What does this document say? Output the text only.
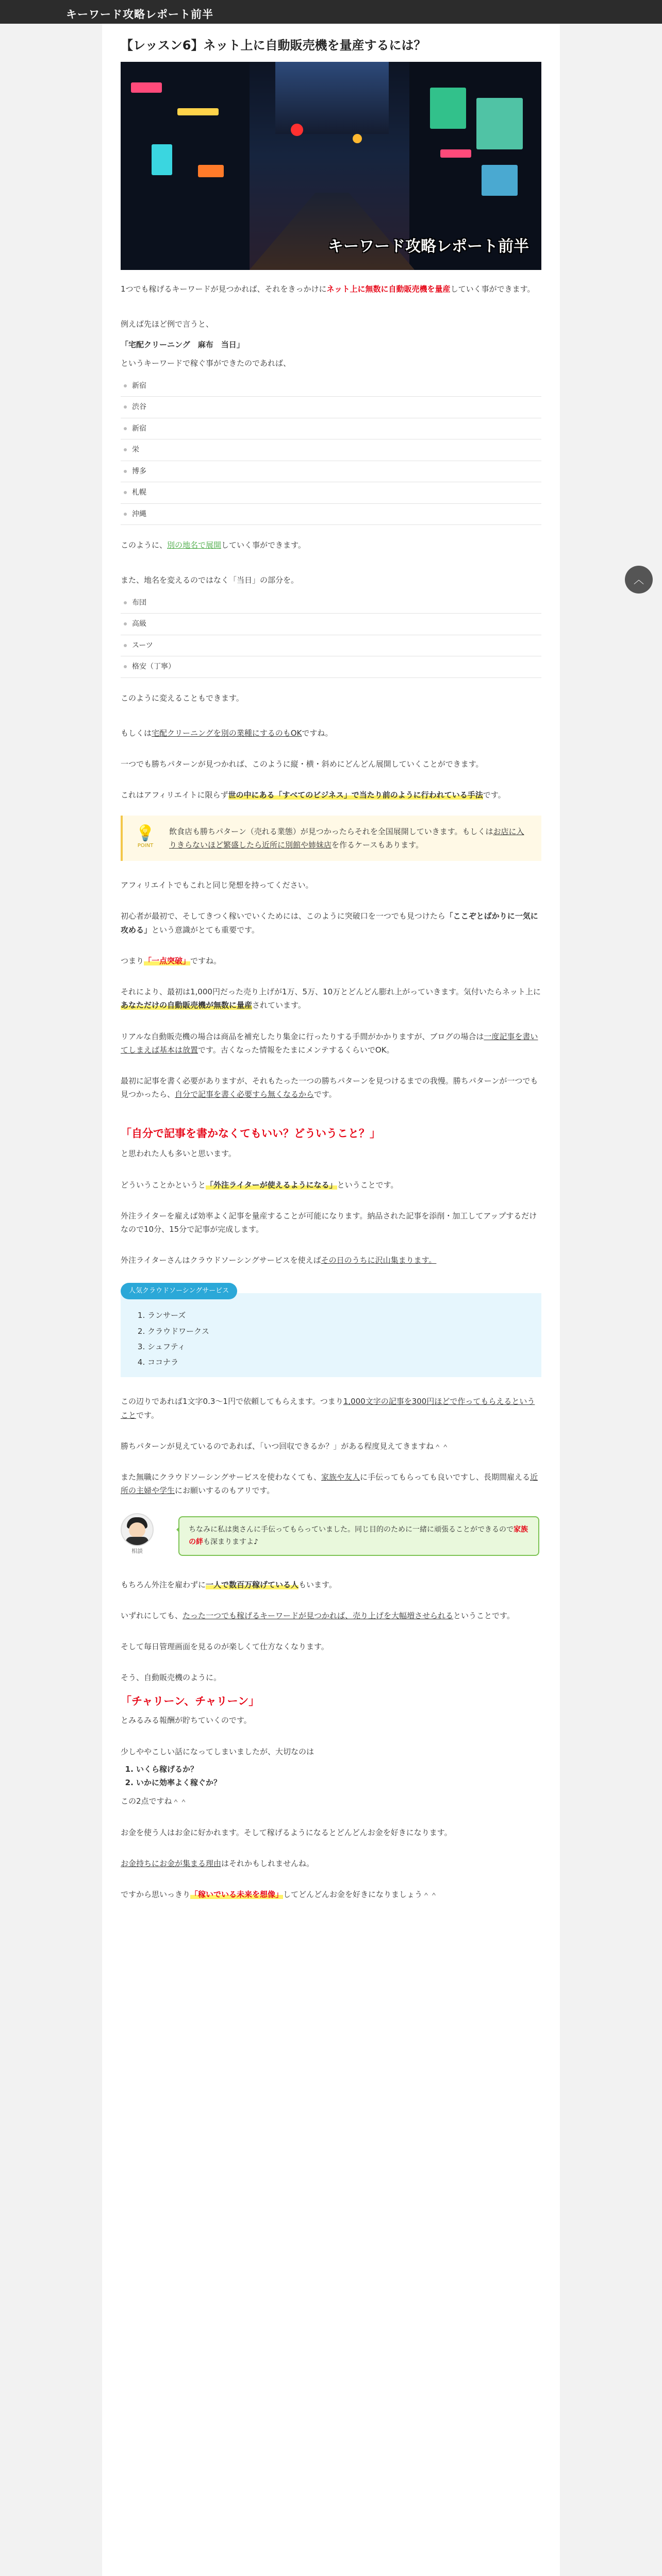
キーワード攻略レポート前半
【レッスン6】ネット上に自動販売機を量産するには？
キーワード攻略レポート前半

1つでも稼げるキーワードが見つかれば、それをきっかけにネット上に無数に自動販売機を量産していく事ができます。

例えば先ほど例で言うと、

「宅配クリーニング　麻布　当日」

というキーワードで稼ぐ事ができたのであれば、

新宿
渋谷
新宿
栄
博多
札幌
沖縄

このように、別の地名で展開していく事ができます。

また、地名を変えるのではなく「当日」の部分を。

布団
高級
スーツ
格安（丁寧）

このように変えることもできます。

もしくは宅配クリーニングを別の業種にするのもOKですね。

一つでも勝ちパターンが見つかれば、このように縦・横・斜めにどんどん展開していくことができます。

これはアフィリエイトに限らず世の中にある「すべてのビジネス」で当たり前のように行われている手法です。

💡
POINT
飲食店も勝ちパターン（売れる業態）が見つかったらそれを全国展開していきます。もしくはお店に入りきらないほど繁盛したら近所に別館や姉妹店を作るケースもあります。

アフィリエイトでもこれと同じ発想を持ってください。

初心者が最初で、そしてきつく稼いでいくためには、このように突破口を一つでも見つけたら「ここぞとばかりに一気に攻める」という意識がとても重要です。

つまり「一点突破」ですね。

それにより、最初は1,000円だった売り上げが1万、5万、10万とどんどん膨れ上がっていきます。気付いたらネット上にあなただけの自動販売機が無数に量産されています。

リアルな自動販売機の場合は商品を補充したり集金に行ったりする手間がかかりますが、ブログの場合は一度記事を書いてしまえば基本は放置です。古くなった情報をたまにメンテするくらいでOK。

最初に記事を書く必要がありますが、それもたった一つの勝ちパターンを見つけるまでの我慢。勝ちパターンが一つでも見つかったら、自分で記事を書く必要すら無くなるからです。

「自分で記事を書かなくてもいい？どういうこと？」

と思われた人も多いと思います。

どういうことかというと「外注ライターが使えるようになる」ということです。

外注ライターを雇えば効率よく記事を量産することが可能になります。納品された記事を添削・加工してアップするだけなので10分、15分で記事が完成します。

外注ライターさんはクラウドソーシングサービスを使えばその日のうちに沢山集まります。

人気クラウドソーシングサービス
1. ランサーズ
2. クラウドワークス
3. シュフティ
4. ココナラ

この辺りであれば1文字0.3〜1円で依頼してもらえます。つまり1,000文字の記事を300円ほどで作ってもらえるということです。

勝ちパターンが見えているのであれば、「いつ回収できるか？」がある程度見えてきますね＾＾

また無職にクラウドソーシングサービスを使わなくても、家族や友人に手伝ってもらっても良いですし、長期間雇える近所の主婦や学生にお願いするのもアリです。

相談
ちなみに私は奥さんに手伝ってもらっていました。同じ目的のために一緒に頑張ることができるので家族の絆も深まりますよ♪

もちろん外注を雇わずに一人で数百万稼げている人もいます。

いずれにしても、たった一つでも稼げるキーワードが見つかれば、売り上げを大幅増させられるということです。

そして毎日管理画面を見るのが楽しくて仕方なくなります。

そう、自動販売機のように。

「チャリーン、チャリーン」

とみるみる報酬が貯ちていくのです。

少しややこしい話になってしまいましたが、大切なのは

1. いくら稼げるか？
2. いかに効率よく稼ぐか？

この2点ですね＾＾

お金を使う人はお金に好かれます。そして稼げるようになるとどんどんお金を好きになります。

お金持ちにお金が集まる理由はそれかもしれませんね。

ですから思いっきり「稼いでいる未来を想像」してどんどんお金を好きになりましょう＾＾

︿
